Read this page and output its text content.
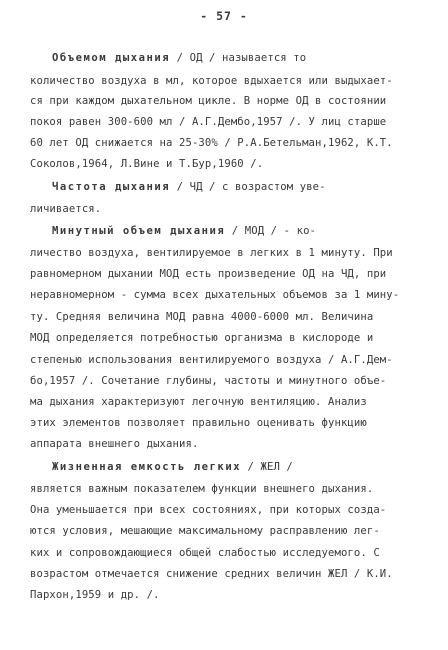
- 57 -
Объемом дыхания / ОД / называется то
количество воздуха в мл, которое вдыхается или выдыхает-
ся при каждом дыхательном цикле. В норме ОД в состоянии
покоя равен 300-600 мл / А.Г.Дембо,1957 /. У лиц старше
60 лет ОД снижается на 25-30% / Р.А.Бетельман,1962, К.Т.
Соколов,1964, Л.Вине и Т.Бур,1960 /.
Частота дыхания / ЧД / с возрастом уве-
личивается.
Минутный объем дыхания / МОД / - ко-
личество воздуха, вентилируемое в легких в 1 минуту. При
равномерном дыхании МОД есть произведение ОД на ЧД, при
неравномерном - сумма всех дыхательных объемов за 1 мину-
ту. Средняя величина МОД равна 4000-6000 мл. Величина
МОД определяется потребностью организма в кислороде и
степенью использования вентилируемого воздуха / А.Г.Дем-
бо,1957 /. Сочетание глубины, частоты и минутного объе-
ма дыхания характеризуют легочную вентиляцию. Анализ
этих элементов позволяет правильно оценивать функцию
аппарата внешнего дыхания.
Жизненная емкость легких / ЖЕЛ /
является важным показателем функции внешнего дыхания.
Она уменьшается при всех состояниях, при которых созда-
ются условия, мешающие максимальному расправлению лег-
ких и сопровождающиеся общей слабостью исследуемого. С
возрастом отмечается снижение средних величин ЖЕЛ / К.И.
Пархон,1959 и др. /.
